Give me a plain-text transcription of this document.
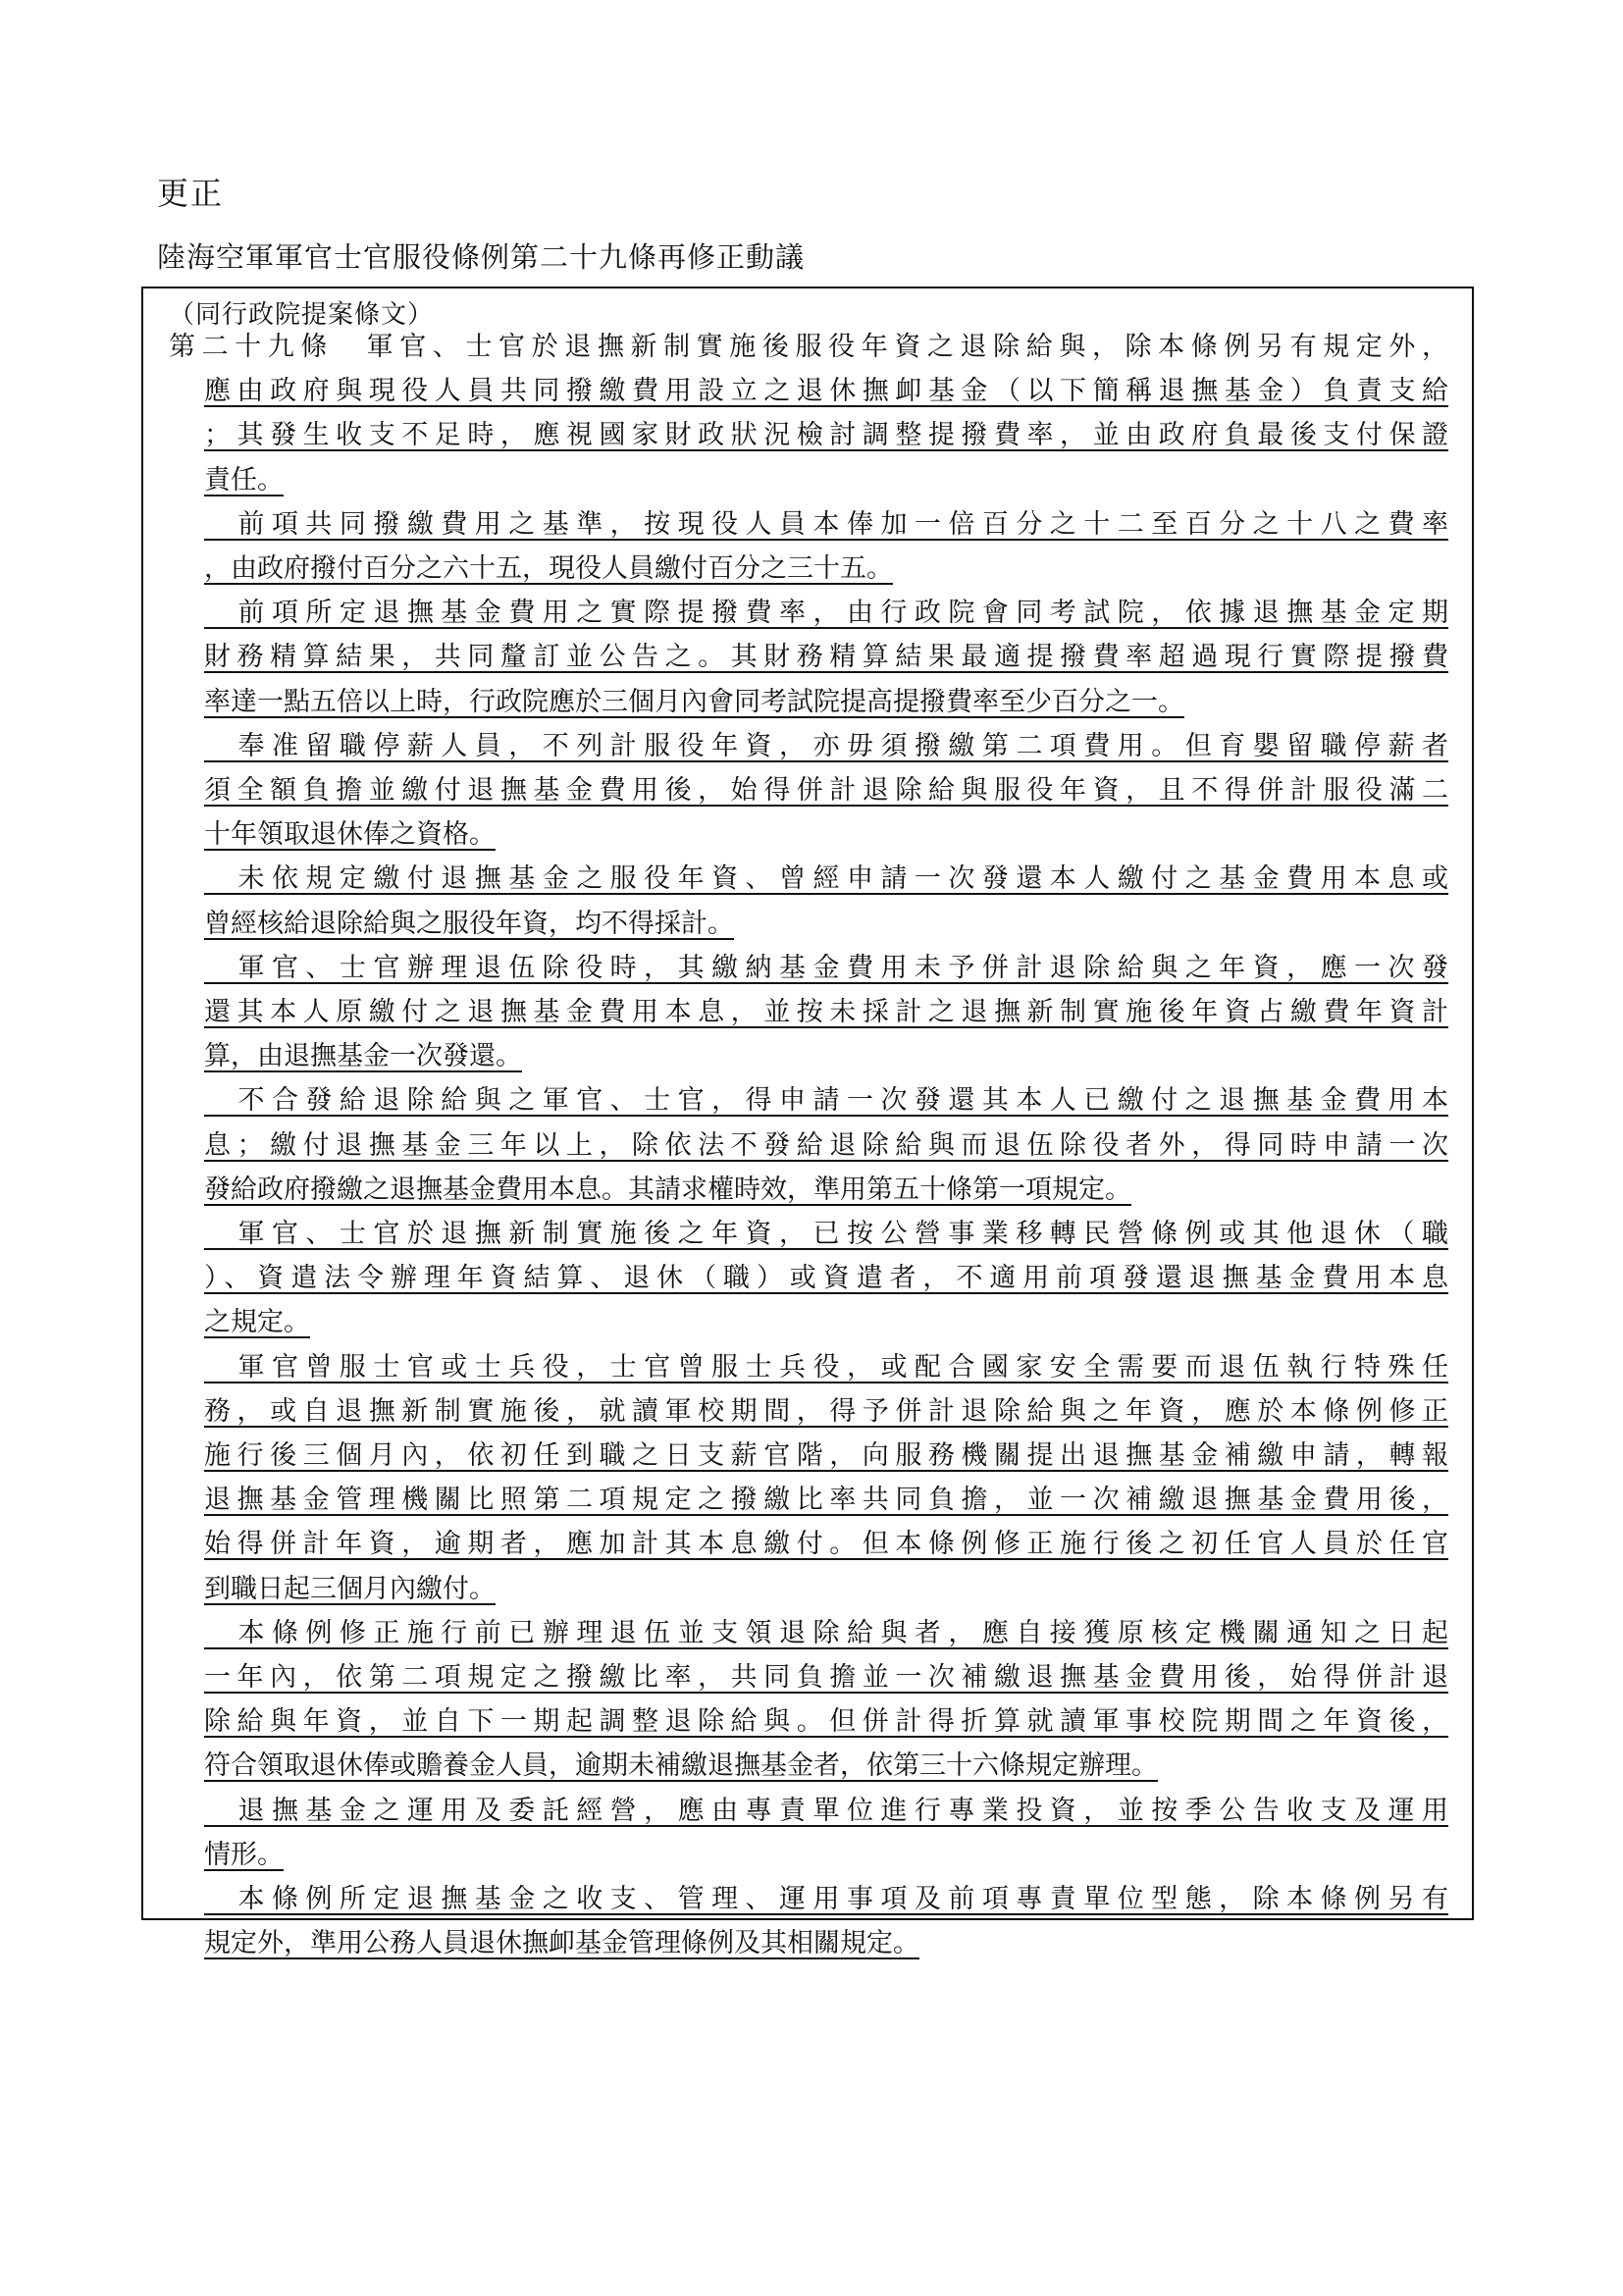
更正
陸海空軍軍官士官服役條例第二十九條再修正動議
（同行政院提案條文）
第二十九條　軍官、士官於退撫新制實施後服役年資之退除給與，除本條例另有規定外，
應由政府與現役人員共同撥繳費用設立之退休撫卹基金（以下簡稱退撫基金）負責支給
；其發生收支不足時，應視國家財政狀況檢討調整提撥費率，並由政府負最後支付保證
責任。
　前項共同撥繳費用之基準，按現役人員本俸加一倍百分之十二至百分之十八之費率
，由政府撥付百分之六十五，現役人員繳付百分之三十五。
　前項所定退撫基金費用之實際提撥費率，由行政院會同考試院，依據退撫基金定期
財務精算結果，共同釐訂並公告之。其財務精算結果最適提撥費率超過現行實際提撥費
率達一點五倍以上時，行政院應於三個月內會同考試院提高提撥費率至少百分之一。
　奉准留職停薪人員，不列計服役年資，亦毋須撥繳第二項費用。但育嬰留職停薪者
須全額負擔並繳付退撫基金費用後，始得併計退除給與服役年資，且不得併計服役滿二
十年領取退休俸之資格。
　未依規定繳付退撫基金之服役年資、曾經申請一次發還本人繳付之基金費用本息或
曾經核給退除給與之服役年資，均不得採計。
　軍官、士官辦理退伍除役時，其繳納基金費用未予併計退除給與之年資，應一次發
還其本人原繳付之退撫基金費用本息，並按未採計之退撫新制實施後年資占繳費年資計
算，由退撫基金一次發還。
　不合發給退除給與之軍官、士官，得申請一次發還其本人已繳付之退撫基金費用本
息；繳付退撫基金三年以上，除依法不發給退除給與而退伍除役者外，得同時申請一次
發給政府撥繳之退撫基金費用本息。其請求權時效，準用第五十條第一項規定。
　軍官、士官於退撫新制實施後之年資，已按公營事業移轉民營條例或其他退休（職
）、資遣法令辦理年資結算、退休（職）或資遣者，不適用前項發還退撫基金費用本息
之規定。
　軍官曾服士官或士兵役，士官曾服士兵役，或配合國家安全需要而退伍執行特殊任
務，或自退撫新制實施後，就讀軍校期間，得予併計退除給與之年資，應於本條例修正
施行後三個月內，依初任到職之日支薪官階，向服務機關提出退撫基金補繳申請，轉報
退撫基金管理機關比照第二項規定之撥繳比率共同負擔，並一次補繳退撫基金費用後，
始得併計年資，逾期者，應加計其本息繳付。但本條例修正施行後之初任官人員於任官
到職日起三個月內繳付。
　本條例修正施行前已辦理退伍並支領退除給與者，應自接獲原核定機關通知之日起
一年內，依第二項規定之撥繳比率，共同負擔並一次補繳退撫基金費用後，始得併計退
除給與年資，並自下一期起調整退除給與。但併計得折算就讀軍事校院期間之年資後，
符合領取退休俸或贍養金人員，逾期未補繳退撫基金者，依第三十六條規定辦理。
　退撫基金之運用及委託經營，應由專責單位進行專業投資，並按季公告收支及運用
情形。
　本條例所定退撫基金之收支、管理、運用事項及前項專責單位型態，除本條例另有
規定外，準用公務人員退休撫卹基金管理條例及其相關規定。
